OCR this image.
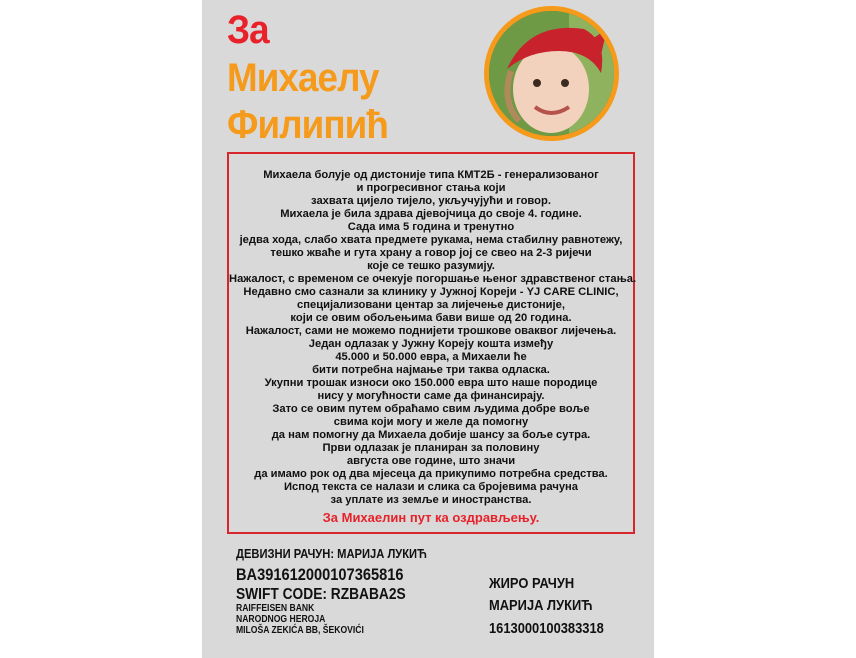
За
Михаелу
Филипић
Михаела болује од дистоније типа КМТ2Б - генерализованог
и прогресивног стања који
захвата цијело тијело, укључујући и говор.
Михаела је била здрава дјевојчица до своје 4. године.
Сада има 5 година и тренутно
једва хода, слабо хвата предмете рукама, нема стабилну равнотежу,
тешко жваће и гута храну а говор јој се свео на 2-3 ријечи
које се тешко разумију.
Нажалост, с временом се очекује погоршање њеног здравственог стања.
Недавно смо сазнали за клинику у Јужној Кореји - YJ CARE CLINIC,
специјализовани центар за лијечење дистоније,
који се овим обољењима бави више од 20 година.
Нажалост, сами не можемо поднијети трошкове оваквог лијечења.
Један одлазак у Јужну Кореју кошта између
45.000 и 50.000 евра, а Михаели ће
бити потребна најмање три таква одласка.
Укупни трошак износи око 150.000 евра што наше породице
нису у могућности саме да финансирају.
Зато се овим путем обраћамо свим људима добре воље
свима који могу и желе да помогну
да нам помогну да Михаела добије шансу за боље сутра.
Први одлазак је планиран за половину
августа ове године, што значи
да имамо рок од два мјесеца да прикупимо потребна средства.
Испод текста се налази и слика са бројевима рачуна
за уплате из земље и иностранства.
За Михаелин пут ка оздрављењу.
ДЕВИЗНИ РАЧУН: МАРИЈА ЛУКИЋ
BA391612000107365816
SWIFT CODE: RZBABA2S
RAIFFEISEN BANK
NARODNOG HEROJA
MILOŠA ZEKIĆA BB, ŠEKOVIĆI
ЖИРО РАЧУН
МАРИЈА ЛУКИЋ
1613000100383318
